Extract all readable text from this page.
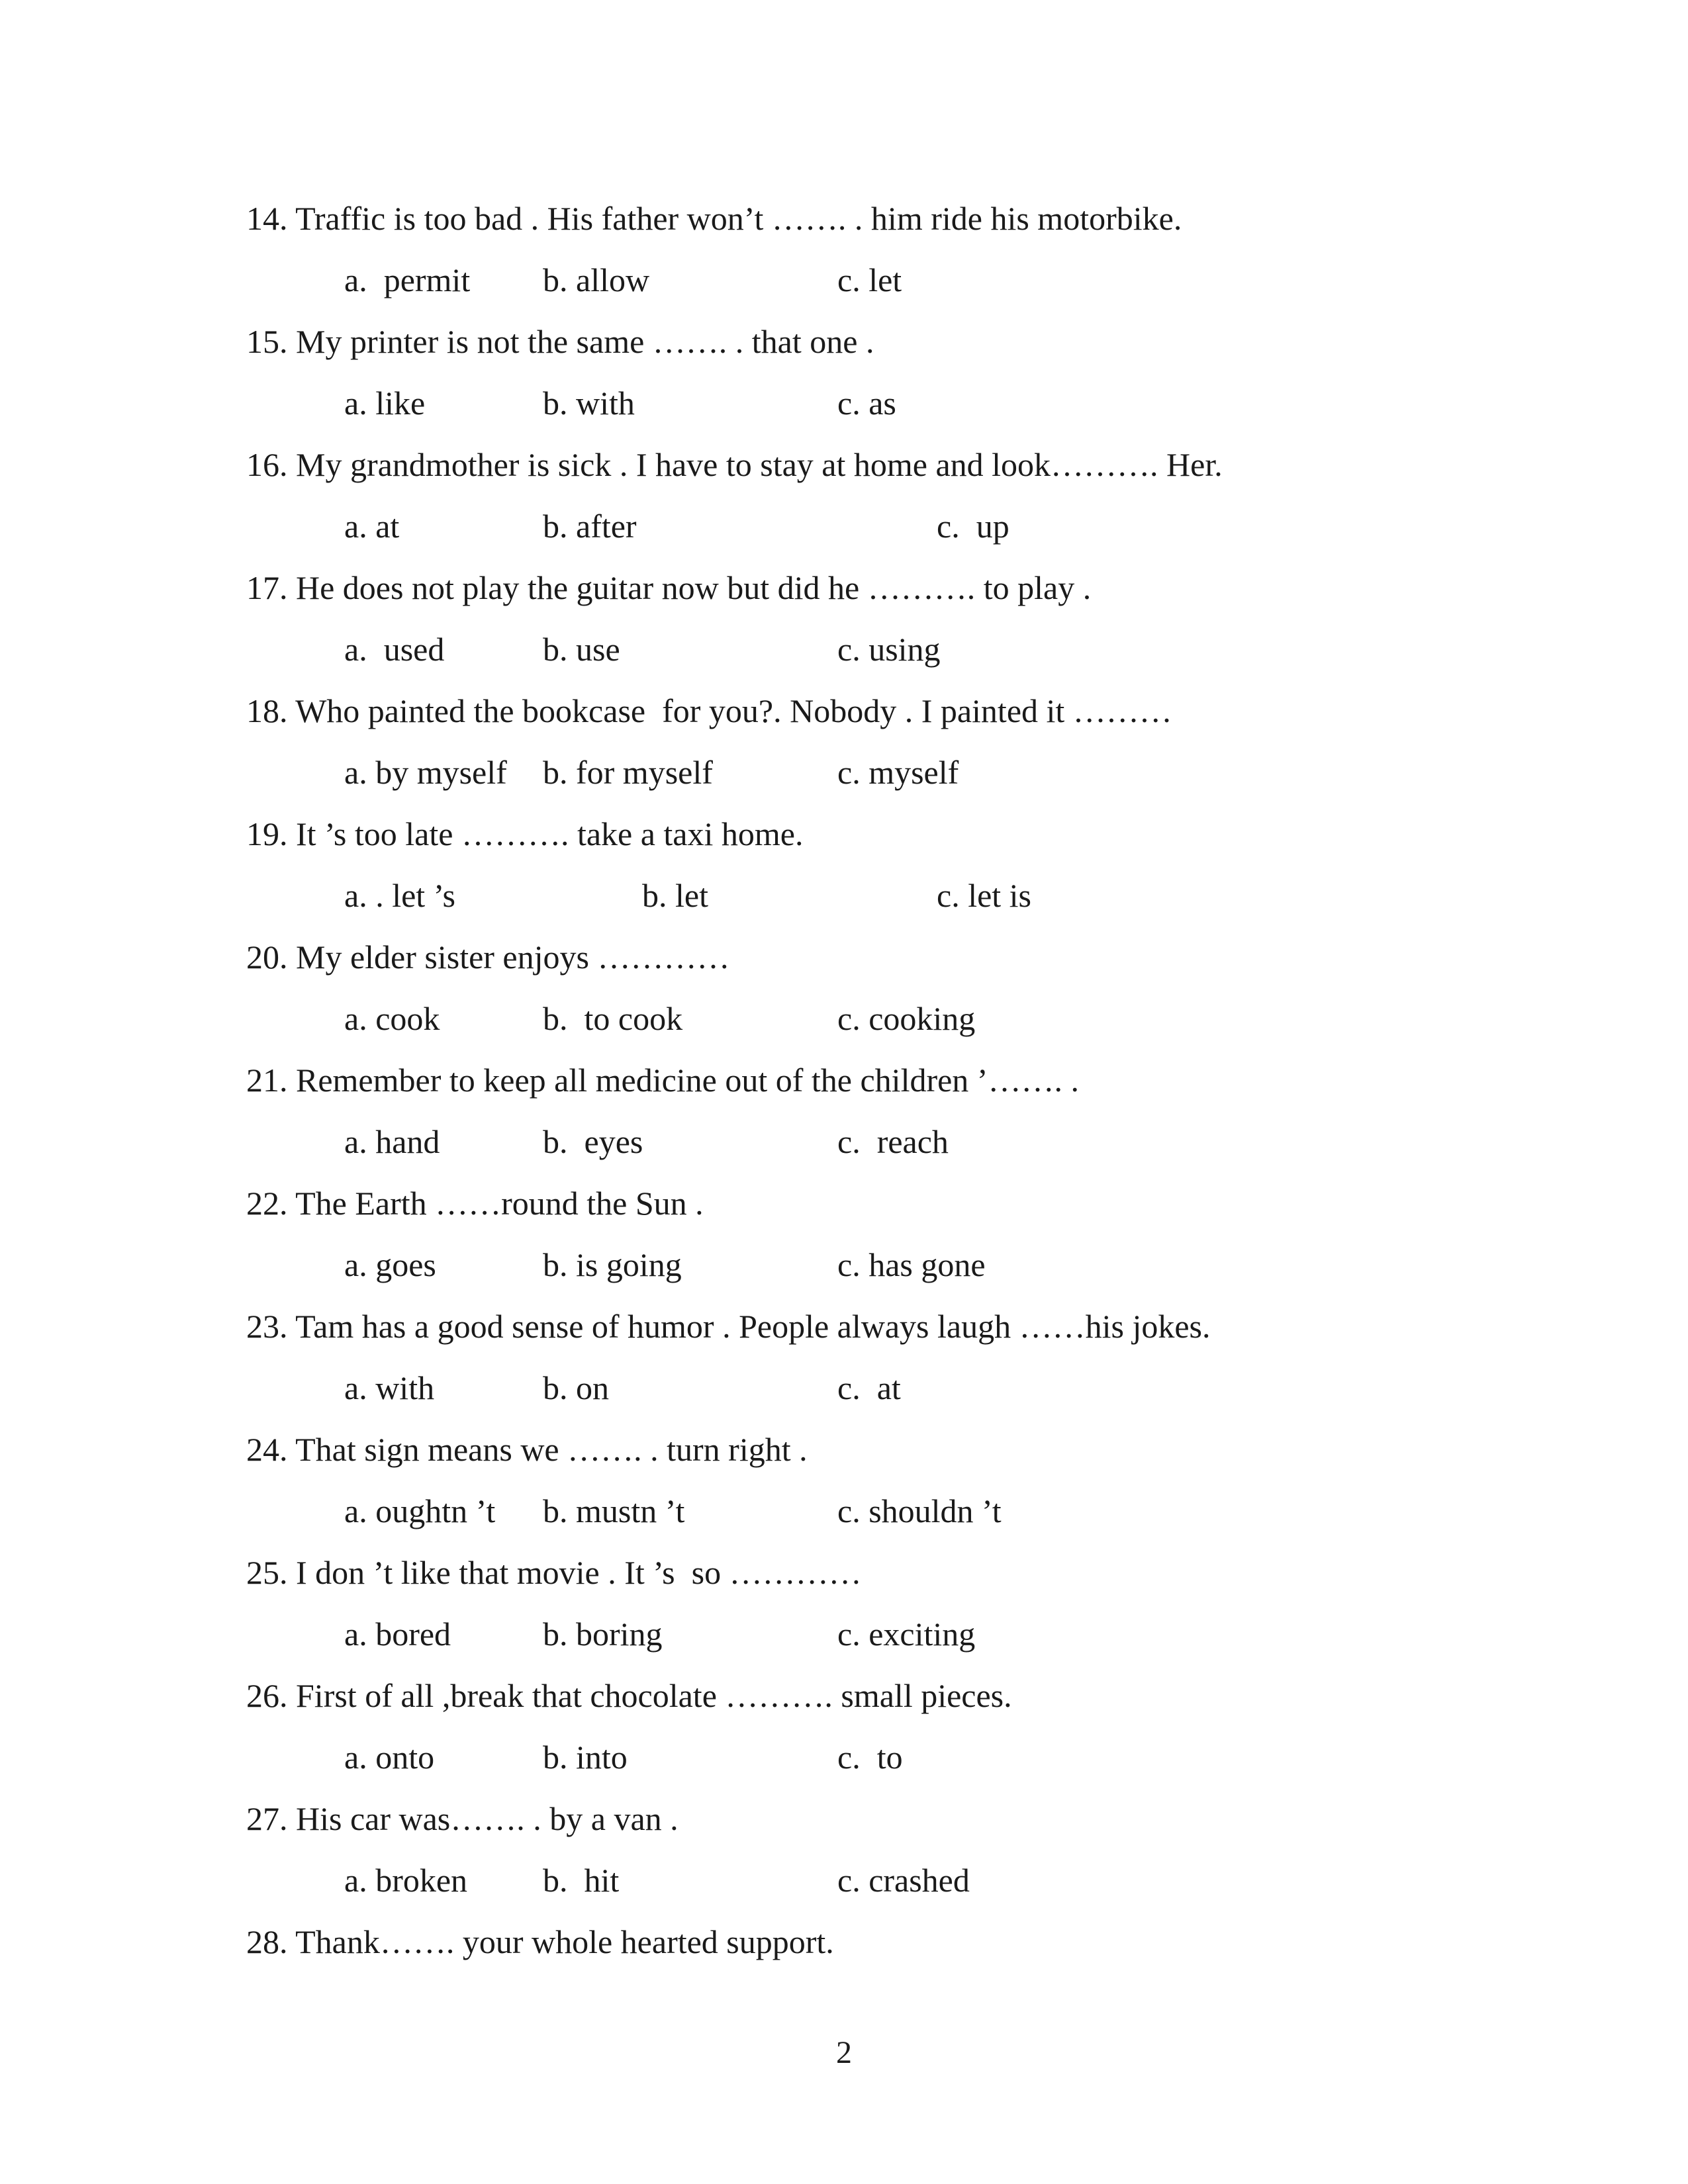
14. Traffic is too bad . His father won’t ……. . him ride his motorbike.
a.  permit b. allow	c. let
15. My printer is not the same ……. . that one .
a. like	b. with	c. as
16. My grandmother is sick . I have to stay at home and look………. Her.
a. at	b. after	c.  up
17. He does not play the guitar now but did he ………. to play .
a.  used	b. use	c. using
18. Who painted the bookcase  for you?. Nobody . I painted it ………
a. by myself b. for myself	c. myself
19. It ’s too late ………. take a taxi home.
a. . let ’s	b. let	c. let is
20. My elder sister enjoys …………
a. cook	b.  to cook	c. cooking
21. Remember to keep all medicine out of the children ’……. .
a. hand	b.  eyes	c.  reach
22. The Earth ……round the Sun .
a. goes	b. is going	c. has gone
23. Tam has a good sense of humor . People always laugh ……his jokes.
a. with	b. on	c.  at
24. That sign means we ……. . turn right .
a. oughtn ’t b. mustn ’t	c. shouldn ’t
25. I don ’t like that movie . It ’s  so …………
a. bored	b. boring	c. exciting
26. First of all ,break that chocolate ………. small pieces.
a. onto	b. into	c.  to
27. His car was……. . by a van .
a. broken b.  hit	c. crashed
28. Thank……. your whole hearted support.
2
